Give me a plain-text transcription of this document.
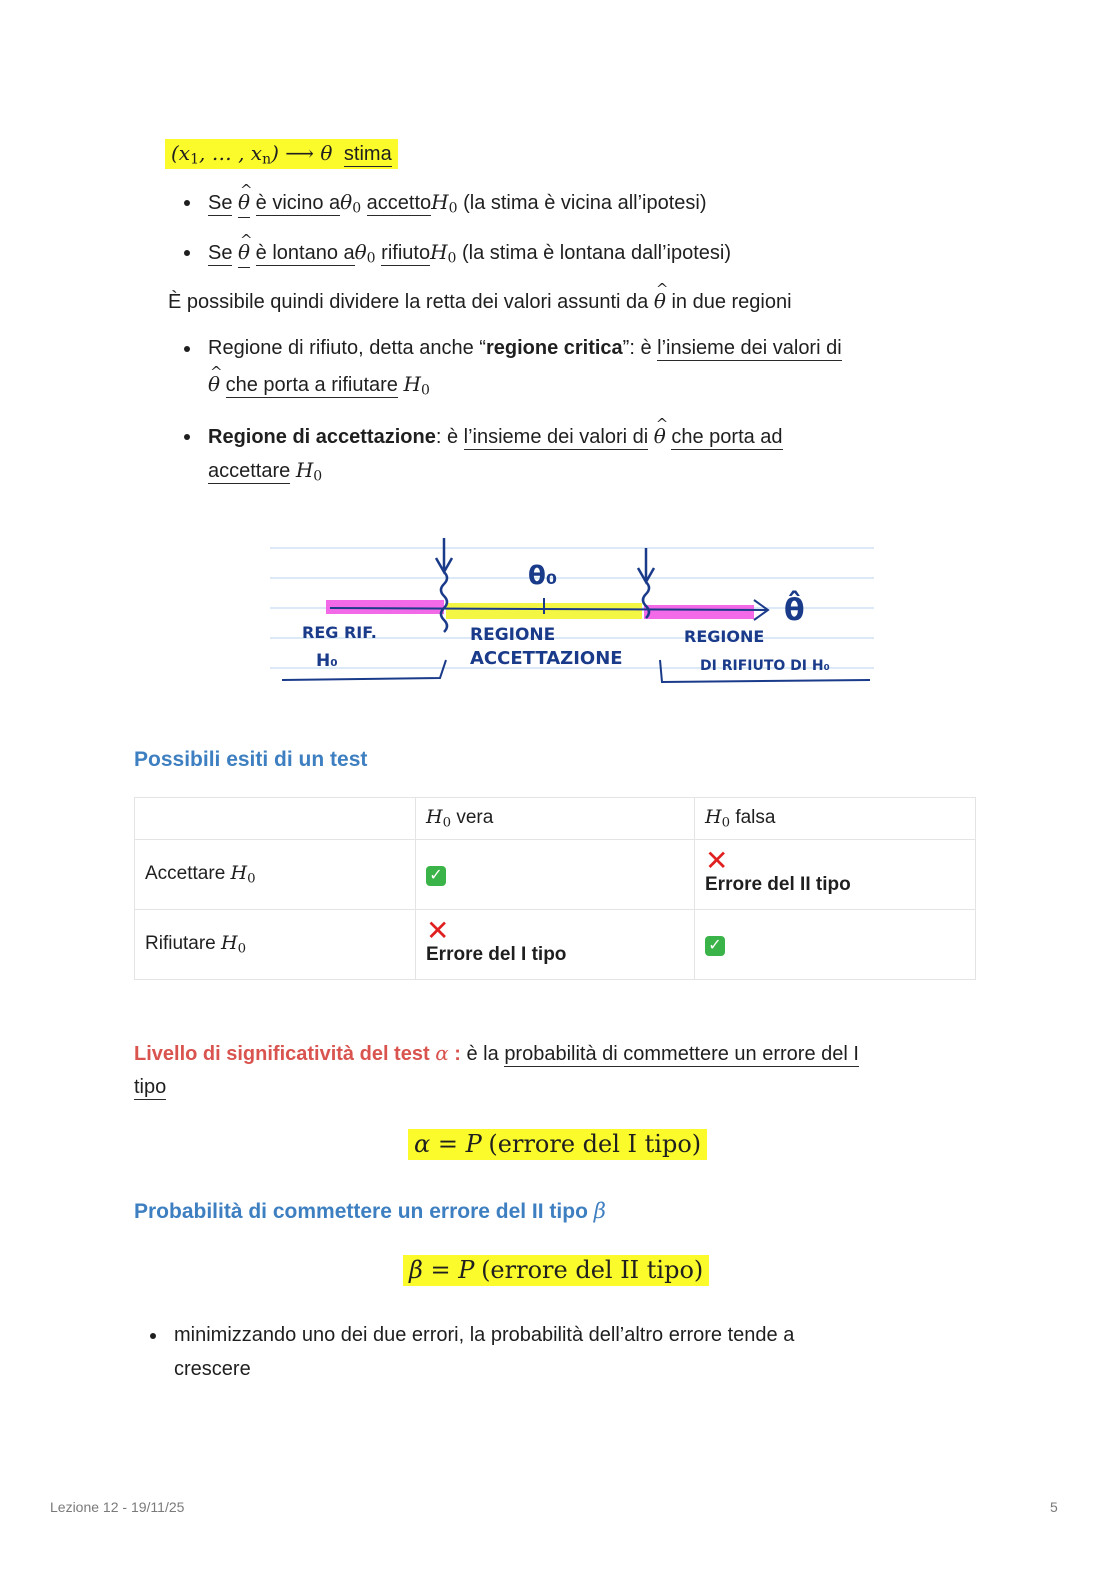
($x_1$, … , $x_n$) ⟶ θ stima
Se ^ θ è vicino $a\theta_0$ accettoH$_0$ (la stima è vicina all’ipotesi)
Se ^ θ è lontano $a\theta_0$ rifiutoH$_0$ (la stima è lontana dall’ipotesi)
È possibile quindi dividere la retta dei valori assunti da ^ θ in due regioni
Regione di rifiuto, detta anche “regione critica”: è l’insieme dei valori di
^ θ che porta a rifiutare $H_0$
Regione di accettazione: è l’insieme dei valori di ^ θ che porta ad
accettare $H_0$
θ₀
θ̂
REG RIF.
H₀
REGIONE
ACCETTAZIONE
REGIONE
DI RIFIUTO DI H₀
Possibili esiti di un test
	$H_0$ vera	$H_0$ falsa
Accettare $H_0$	✓	✕
Errore del II tipo
Rifiutare $H_0$	✕
Errore del I tipo	✓
Livello di significatività del test α : è la probabilità di commettere un errore del I
tipo
α = P (errore del I tipo)
Probabilità di commettere un errore del II tipo β
β = P (errore del II tipo)
minimizzando uno dei due errori, la probabilità dell’altro errore tende a
crescere
Lezione 12 - 19/11/25	5
